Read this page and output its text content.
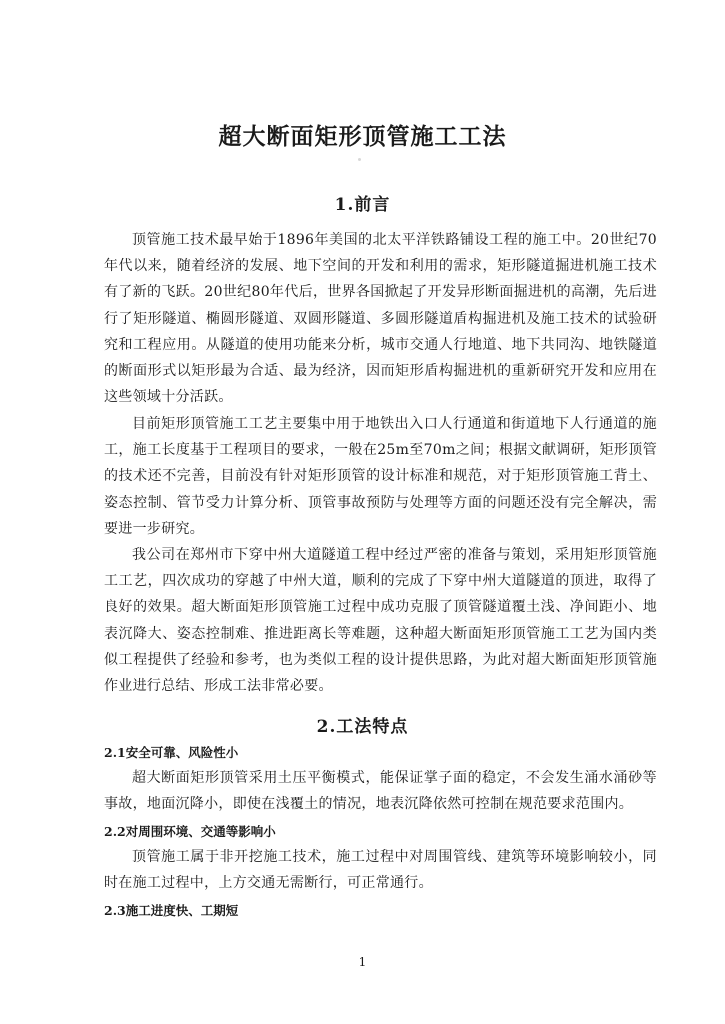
超大断面矩形顶管施工工法
1.前言
顶管施工技术最早始于1896年美国的北太平洋铁路铺设工程的施工中。20世纪70年代以来，随着经济的发展、地下空间的开发和利用的需求，矩形隧道掘进机施工技术有了新的飞跃。20世纪80年代后，世界各国掀起了开发异形断面掘进机的高潮，先后进行了矩形隧道、椭圆形隧道、双圆形隧道、多圆形隧道盾构掘进机及施工技术的试验研究和工程应用。从隧道的使用功能来分析，城市交通人行地道、地下共同沟、地铁隧道的断面形式以矩形最为合适、最为经济，因而矩形盾构掘进机的重新研究开发和应用在这些领域十分活跃。
目前矩形顶管施工工艺主要集中用于地铁出入口人行通道和街道地下人行通道的施工，施工长度基于工程项目的要求，一般在25m至70m之间；根据文献调研，矩形顶管的技术还不完善，目前没有针对矩形顶管的设计标准和规范，对于矩形顶管施工背土、姿态控制、管节受力计算分析、顶管事故预防与处理等方面的问题还没有完全解决，需要进一步研究。
我公司在郑州市下穿中州大道隧道工程中经过严密的准备与策划，采用矩形顶管施工工艺，四次成功的穿越了中州大道，顺利的完成了下穿中州大道隧道的顶进，取得了良好的效果。超大断面矩形顶管施工过程中成功克服了顶管隧道覆土浅、净间距小、地表沉降大、姿态控制难、推进距离长等难题，这种超大断面矩形顶管施工工艺为国内类似工程提供了经验和参考，也为类似工程的设计提供思路，为此对超大断面矩形顶管施作业进行总结、形成工法非常必要。
2.工法特点
2.1安全可靠、风险性小
超大断面矩形顶管采用土压平衡模式，能保证掌子面的稳定，不会发生涌水涌砂等事故，地面沉降小，即使在浅覆土的情况，地表沉降依然可控制在规范要求范围内。
2.2对周围环境、交通等影响小
顶管施工属于非开挖施工技术，施工过程中对周围管线、建筑等环境影响较小，同时在施工过程中，上方交通无需断行，可正常通行。
2.3施工进度快、工期短
1
